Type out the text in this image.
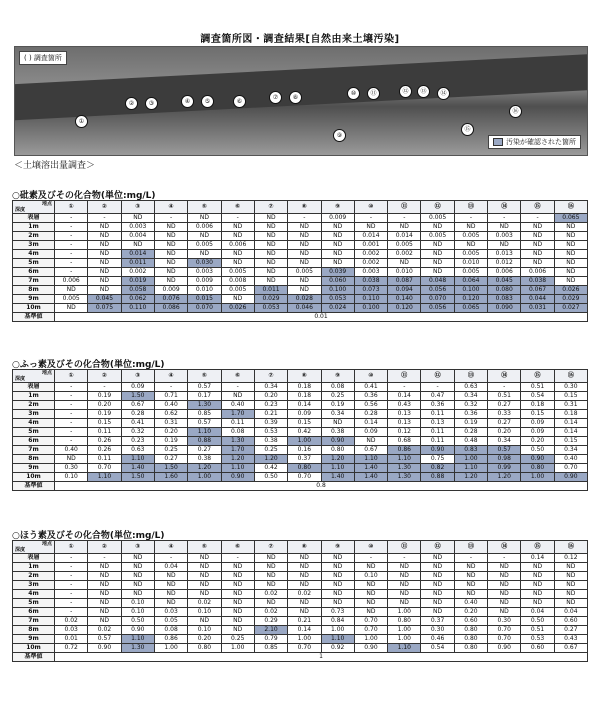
調査箇所図・調査結果[自然由来土壌汚染]
( ) 調査箇所
汚染が確認された箇所
①
②	③	④	⑤	⑥
⑦	⑧
⑨
⑩	⑪	⑫	⑬	⑭
⑮
⑯
＜土壌溶出量調査＞
○砒素及びその化合物(単位:mg/L)
地点
深度	①	②	③	④	⑤	⑥	⑦	⑧	⑨	⑩	⑪	⑫	⑬	⑭	⑮	⑯
表層	-	-	ND	-	ND	-	ND	-	0.009	-	-	0.005	-	-	-	0.065
1m	-	ND	0.003	ND	0.006	ND	ND	ND	ND	ND	ND	ND	ND	ND	ND	ND
2m	-	ND	0.004	ND	ND	ND	ND	ND	ND	0.014	0.014	0.005	0.005	0.003	ND	ND
3m	-	ND	ND	ND	0.005	0.006	ND	ND	ND	0.001	0.005	ND	ND	ND	ND	ND
4m	-	ND	0.014	ND	ND	ND	ND	ND	ND	0.002	0.002	ND	0.005	0.013	ND	ND
5m	-	ND	0.011	ND	0.030	ND	ND	ND	ND	0.002	ND	ND	0.010	0.012	ND	ND
6m	-	ND	0.002	ND	0.003	0.005	ND	0.005	0.039	0.003	0.010	ND	0.005	0.006	0.006	ND
7m	0.006	ND	0.019	ND	0.009	0.008	ND	ND	0.060	0.038	0.087	0.048	0.064	0.045	0.038	ND
8m	ND	ND	0.058	0.009	0.010	0.005	0.011	ND	0.100	0.073	0.094	0.056	0.100	0.080	0.067	0.026
9m	0.005	0.045	0.062	0.076	0.015	ND	0.029	0.028	0.053	0.110	0.140	0.070	0.120	0.083	0.044	0.029
10m	ND	0.075	0.110	0.086	0.070	0.026	0.053	0.046	0.024	0.100	0.120	0.056	0.065	0.090	0.031	0.027
基準値	0.01															
○ふっ素及びその化合物(単位:mg/L)
地点
深度	①	②	③	④	⑤	⑥	⑦	⑧	⑨	⑩	⑪	⑫	⑬	⑭	⑮	⑯
表層	-	-	0.09	-	0.57	-	0.34	0.18	0.08	0.41	-	-	0.63	-	0.51	0.30
1m	-	0.19	1.50	0.71	0.17	ND	0.20	0.18	0.25	0.36	0.14	0.47	0.34	0.51	0.54	0.15
2m	-	0.20	0.67	0.40	1.30	0.40	0.23	0.14	0.19	0.56	0.43	0.36	0.32	0.27	0.18	0.31
3m	-	0.19	0.28	0.62	0.85	1.70	0.21	0.09	0.34	0.28	0.13	0.11	0.36	0.33	0.15	0.18
4m	-	0.15	0.41	0.31	0.57	0.11	0.39	0.15	ND	0.14	0.13	0.13	0.19	0.27	0.09	0.14
5m	-	0.11	0.32	0.20	1.10	0.08	0.53	0.42	0.38	0.09	0.12	0.11	0.28	0.20	0.09	0.14
6m	-	0.26	0.23	0.19	0.88	1.30	0.38	1.00	0.90	ND	0.68	0.11	0.48	0.34	0.20	0.15
7m	0.40	0.26	0.63	0.25	0.27	1.70	0.25	0.16	0.80	0.67	0.86	0.90	0.83	0.57	0.50	0.34
8m	ND	0.11	1.10	0.27	0.38	1.20	1.20	0.37	1.20	1.10	1.10	0.75	1.00	0.98	0.90	0.40
9m	0.30	0.70	1.40	1.50	1.20	1.10	0.42	0.80	1.10	1.40	1.30	0.82	1.10	0.99	0.80	0.70
10m	0.10	1.10	1.50	1.60	1.00	0.90	0.50	0.70	1.40	1.40	1.30	0.88	1.20	1.20	1.00	0.90
基準値	0.8															
○ほう素及びその化合物(単位:mg/L)
地点
深度	①	②	③	④	⑤	⑥	⑦	⑧	⑨	⑩	⑪	⑫	⑬	⑭	⑮	⑯
表層	-	-	ND	-	ND	-	ND	ND	ND	-	-	ND	-	-	0.14	0.12
1m	-	ND	ND	0.04	ND	ND	ND	ND	ND	ND	ND	ND	ND	ND	ND	ND
2m	-	ND	ND	ND	ND	ND	ND	ND	ND	0.10	ND	ND	ND	ND	ND	ND
3m	-	ND	ND	ND	ND	ND	ND	ND	ND	ND	ND	ND	ND	ND	ND	ND
4m	-	ND	ND	ND	ND	ND	0.02	0.02	ND	ND	ND	ND	ND	ND	ND	ND
5m	-	ND	0.10	ND	0.02	ND	ND	ND	ND	ND	ND	ND	0.40	ND	ND	ND
6m	-	ND	0.10	0.03	0.10	ND	0.02	ND	0.73	ND	1.00	ND	0.20	ND	0.04	0.04
7m	0.02	ND	0.50	0.05	ND	ND	0.29	0.21	0.84	0.70	0.80	0.37	0.60	0.30	0.50	0.60
8m	0.03	0.02	0.90	0.08	0.10	ND	2.10	0.14	1.00	0.70	1.00	0.30	0.80	0.70	0.51	0.27
9m	0.01	0.57	1.10	0.86	0.20	0.25	0.79	1.00	1.10	1.00	1.00	0.46	0.80	0.70	0.53	0.43
10m	0.72	0.90	1.30	1.00	0.80	1.00	0.85	0.70	0.92	0.90	1.10	0.54	0.80	0.90	0.60	0.67
基準値	1															
